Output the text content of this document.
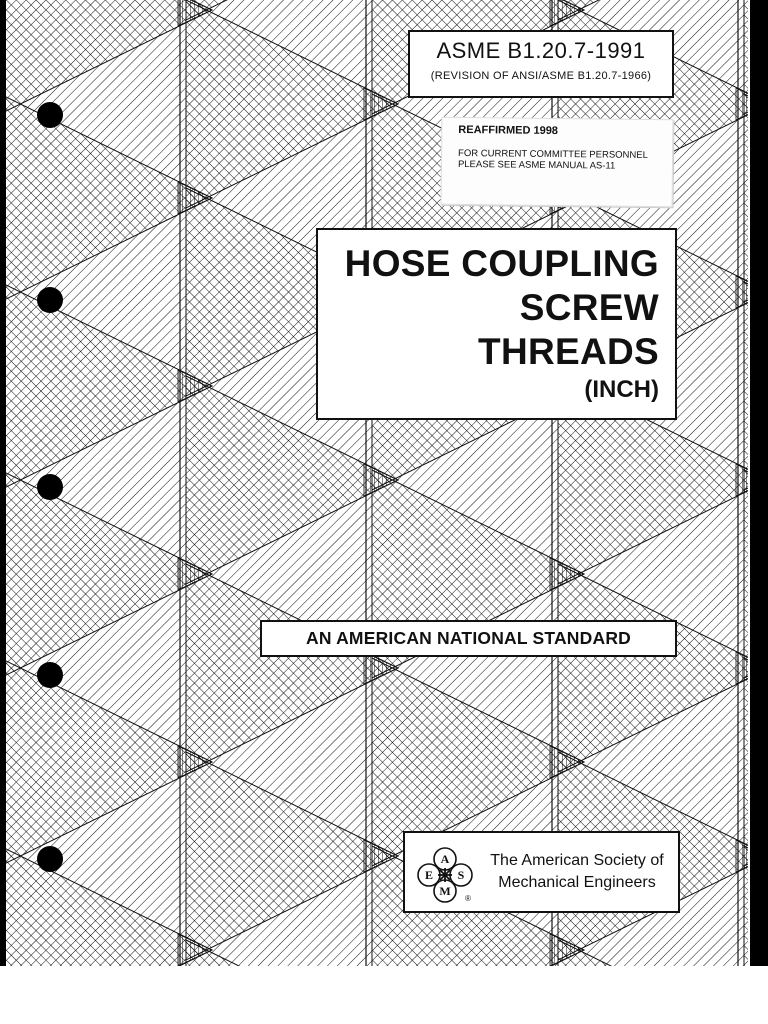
ASME B1.20.7-1991
(REVISION OF ANSI/ASME B1.20.7-1966)
REAFFIRMED 1998
FOR CURRENT COMMITTEE PERSONNEL
PLEASE SEE ASME MANUAL AS-11
HOSE COUPLING
SCREW
THREADS
(INCH)
AN AMERICAN NATIONAL STANDARD
A
E S
M
®
The American Society of
Mechanical Engineers
